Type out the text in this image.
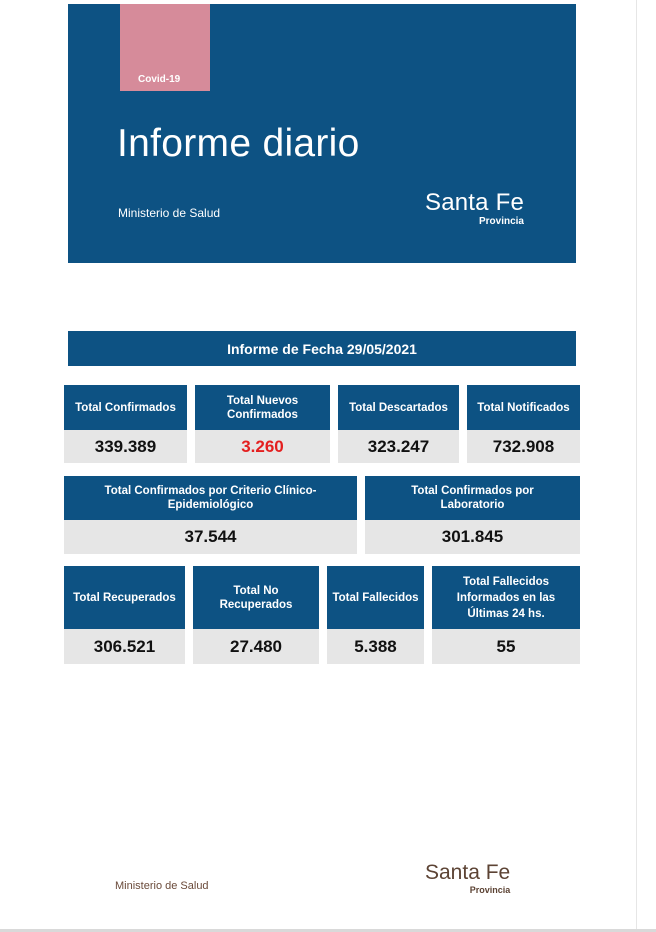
Covid-19
Informe diario
Ministerio de Salud	Santa Fe
Provincia
Informe de Fecha 29/05/2021
Total Confirmados
339.389
Total Nuevos Confirmados
3.260
Total Descartados
323.247
Total Notificados
732.908
Total Confirmados por Criterio Clínico-Epidemiológico
37.544
Total Confirmados por Laboratorio
301.845
Total Recuperados
306.521
Total No Recuperados
27.480
Total Fallecidos
5.388
Total Fallecidos Informados en las Últimas 24 hs.
55
Ministerio de Salud
Santa Fe
Provincia
